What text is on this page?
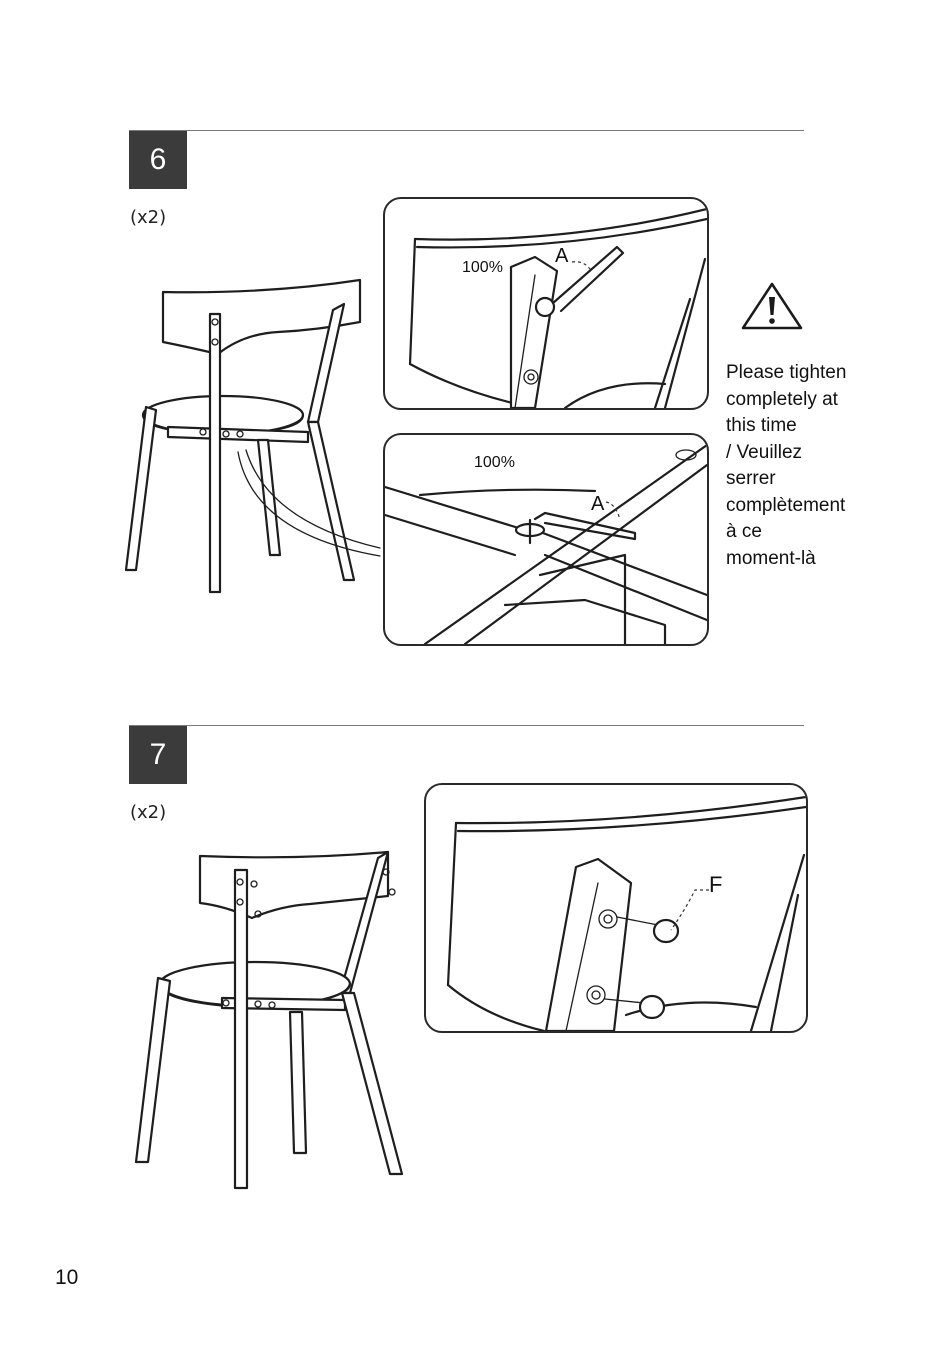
6
(x2)
100%
A
100%
A
Please tighten
completely at
this time
/ Veuillez
serrer
complètement
à ce
moment-là
7
(x2)
F
10
